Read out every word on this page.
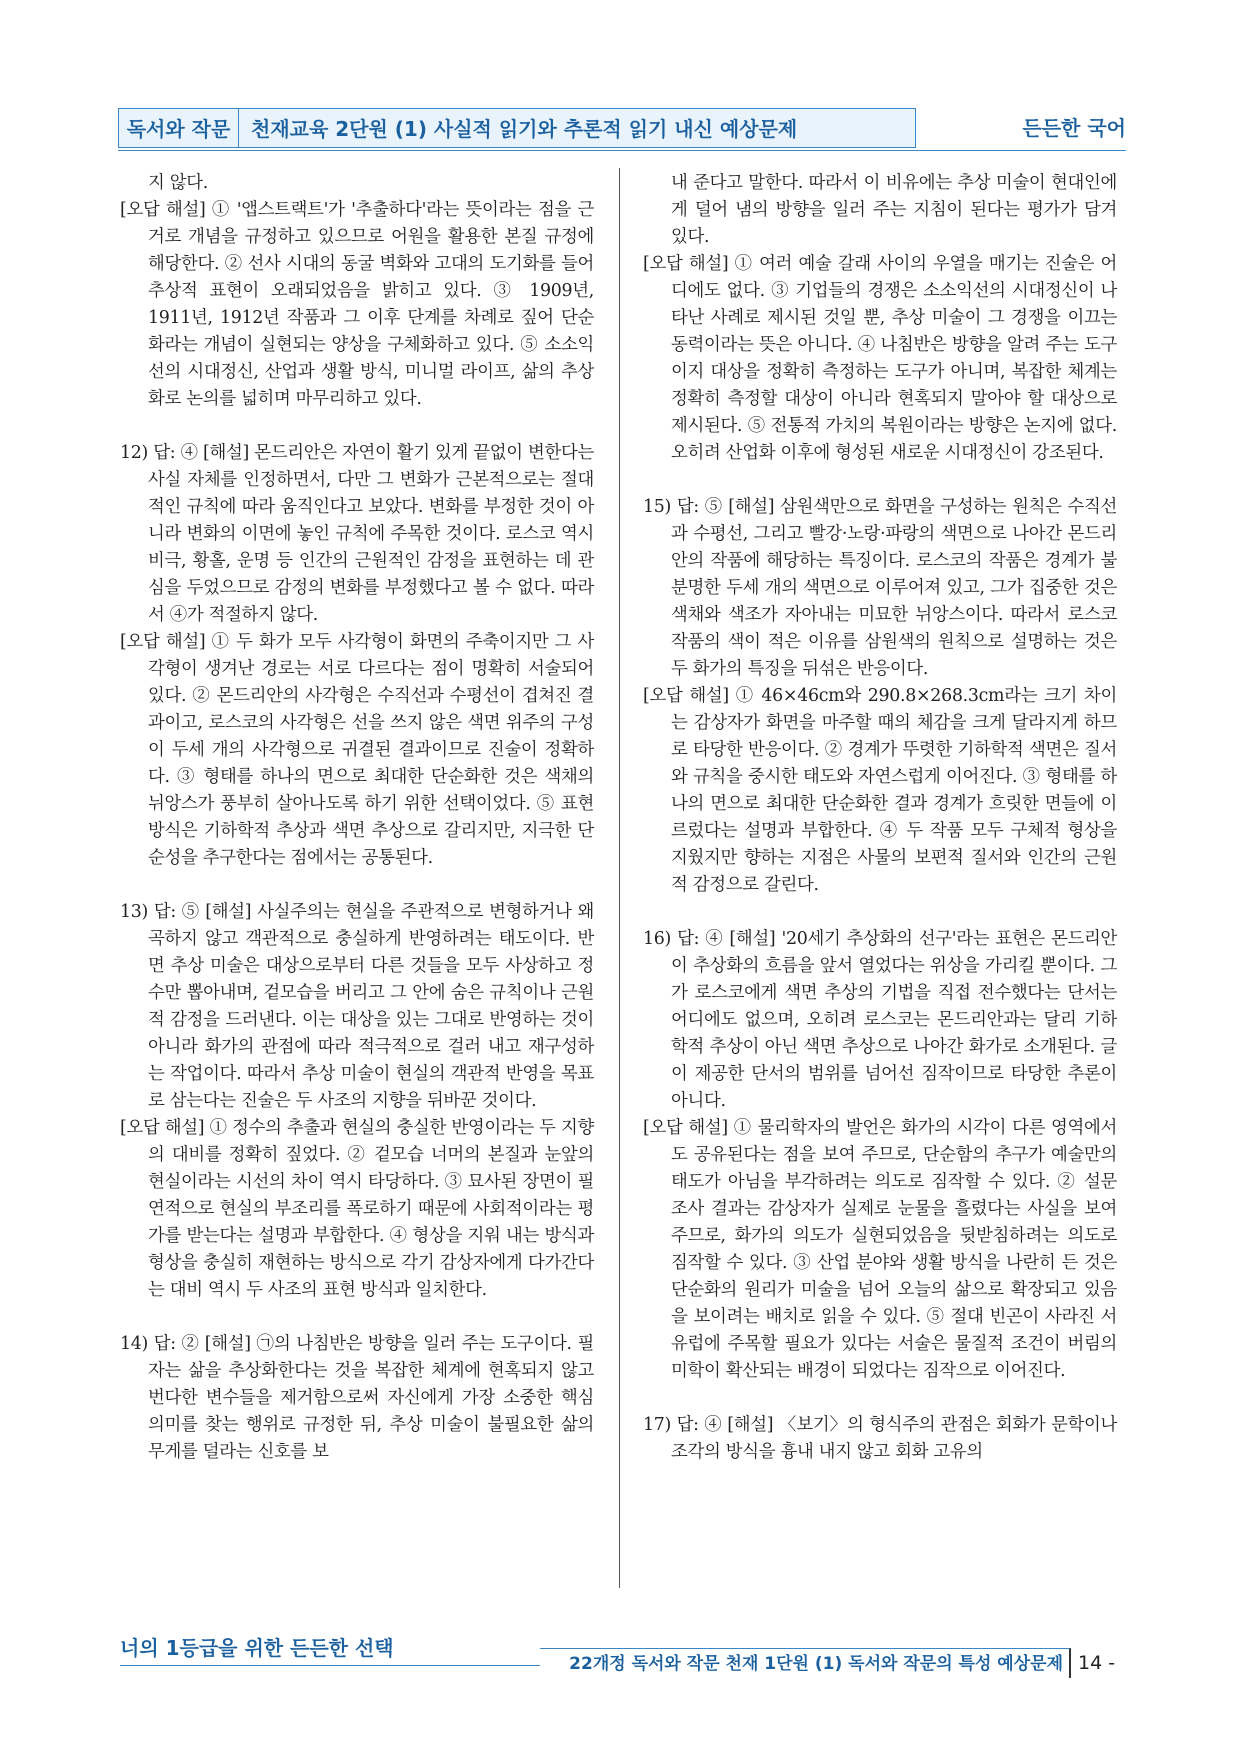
독서와 작문	천재교육 2단원 (1) 사실적 읽기와 추론적 읽기 내신 예상문제	든든한 국어

지 않다.

[오답 해설] ① '앱스트랙트'가 '추출하다'라는 뜻이라는 점을 근거로 개념을 규정하고 있으므로 어원을 활용한 본질 규정에 해당한다. ② 선사 시대의 동굴 벽화와 고대의 도기화를 들어 추상적 표현이 오래되었음을 밝히고 있다. ③ 1909년, 1911년, 1912년 작품과 그 이후 단계를 차례로 짚어 단순화라는 개념이 실현되는 양상을 구체화하고 있다. ⑤ 소소익선의 시대정신, 산업과 생활 방식, 미니멀 라이프, 삶의 추상화로 논의를 넓히며 마무리하고 있다.

12) 답: ④ [해설] 몬드리안은 자연이 활기 있게 끝없이 변한다는 사실 자체를 인정하면서, 다만 그 변화가 근본적으로는 절대적인 규칙에 따라 움직인다고 보았다. 변화를 부정한 것이 아니라 변화의 이면에 놓인 규칙에 주목한 것이다. 로스코 역시 비극, 황홀, 운명 등 인간의 근원적인 감정을 표현하는 데 관심을 두었으므로 감정의 변화를 부정했다고 볼 수 없다. 따라서 ④가 적절하지 않다.

[오답 해설] ① 두 화가 모두 사각형이 화면의 주축이지만 그 사각형이 생겨난 경로는 서로 다르다는 점이 명확히 서술되어 있다. ② 몬드리안의 사각형은 수직선과 수평선이 겹쳐진 결과이고, 로스코의 사각형은 선을 쓰지 않은 색면 위주의 구성이 두세 개의 사각형으로 귀결된 결과이므로 진술이 정확하다. ③ 형태를 하나의 면으로 최대한 단순화한 것은 색채의 뉘앙스가 풍부히 살아나도록 하기 위한 선택이었다. ⑤ 표현 방식은 기하학적 추상과 색면 추상으로 갈리지만, 지극한 단순성을 추구한다는 점에서는 공통된다.

13) 답: ⑤ [해설] 사실주의는 현실을 주관적으로 변형하거나 왜곡하지 않고 객관적으로 충실하게 반영하려는 태도이다. 반면 추상 미술은 대상으로부터 다른 것들을 모두 사상하고 정수만 뽑아내며, 겉모습을 버리고 그 안에 숨은 규칙이나 근원적 감정을 드러낸다. 이는 대상을 있는 그대로 반영하는 것이 아니라 화가의 관점에 따라 적극적으로 걸러 내고 재구성하는 작업이다. 따라서 추상 미술이 현실의 객관적 반영을 목표로 삼는다는 진술은 두 사조의 지향을 뒤바꾼 것이다.

[오답 해설] ① 정수의 추출과 현실의 충실한 반영이라는 두 지향의 대비를 정확히 짚었다. ② 겉모습 너머의 본질과 눈앞의 현실이라는 시선의 차이 역시 타당하다. ③ 묘사된 장면이 필연적으로 현실의 부조리를 폭로하기 때문에 사회적이라는 평가를 받는다는 설명과 부합한다. ④ 형상을 지워 내는 방식과 형상을 충실히 재현하는 방식으로 각기 감상자에게 다가간다는 대비 역시 두 사조의 표현 방식과 일치한다.

14) 답: ② [해설] ㉠의 나침반은 방향을 일러 주는 도구이다. 필자는 삶을 추상화한다는 것을 복잡한 체계에 현혹되지 않고 번다한 변수들을 제거함으로써 자신에게 가장 소중한 핵심 의미를 찾는 행위로 규정한 뒤, 추상 미술이 불필요한 삶의 무게를 덜라는 신호를 보

내 준다고 말한다. 따라서 이 비유에는 추상 미술이 현대인에게 덜어 냄의 방향을 일러 주는 지침이 된다는 평가가 담겨 있다.

[오답 해설] ① 여러 예술 갈래 사이의 우열을 매기는 진술은 어디에도 없다. ③ 기업들의 경쟁은 소소익선의 시대정신이 나타난 사례로 제시된 것일 뿐, 추상 미술이 그 경쟁을 이끄는 동력이라는 뜻은 아니다. ④ 나침반은 방향을 알려 주는 도구이지 대상을 정확히 측정하는 도구가 아니며, 복잡한 체계는 정확히 측정할 대상이 아니라 현혹되지 말아야 할 대상으로 제시된다. ⑤ 전통적 가치의 복원이라는 방향은 논지에 없다. 오히려 산업화 이후에 형성된 새로운 시대정신이 강조된다.

15) 답: ⑤ [해설] 삼원색만으로 화면을 구성하는 원칙은 수직선과 수평선, 그리고 빨강·노랑·파랑의 색면으로 나아간 몬드리안의 작품에 해당하는 특징이다. 로스코의 작품은 경계가 불분명한 두세 개의 색면으로 이루어져 있고, 그가 집중한 것은 색채와 색조가 자아내는 미묘한 뉘앙스이다. 따라서 로스코 작품의 색이 적은 이유를 삼원색의 원칙으로 설명하는 것은 두 화가의 특징을 뒤섞은 반응이다.

[오답 해설] ① 46×46cm와 290.8×268.3cm라는 크기 차이는 감상자가 화면을 마주할 때의 체감을 크게 달라지게 하므로 타당한 반응이다. ② 경계가 뚜렷한 기하학적 색면은 질서와 규칙을 중시한 태도와 자연스럽게 이어진다. ③ 형태를 하나의 면으로 최대한 단순화한 결과 경계가 흐릿한 면들에 이르렀다는 설명과 부합한다. ④ 두 작품 모두 구체적 형상을 지웠지만 향하는 지점은 사물의 보편적 질서와 인간의 근원적 감정으로 갈린다.

16) 답: ④ [해설] '20세기 추상화의 선구'라는 표현은 몬드리안이 추상화의 흐름을 앞서 열었다는 위상을 가리킬 뿐이다. 그가 로스코에게 색면 추상의 기법을 직접 전수했다는 단서는 어디에도 없으며, 오히려 로스코는 몬드리안과는 달리 기하학적 추상이 아닌 색면 추상으로 나아간 화가로 소개된다. 글이 제공한 단서의 범위를 넘어선 짐작이므로 타당한 추론이 아니다.

[오답 해설] ① 물리학자의 발언은 화가의 시각이 다른 영역에서도 공유된다는 점을 보여 주므로, 단순함의 추구가 예술만의 태도가 아님을 부각하려는 의도로 짐작할 수 있다. ② 설문 조사 결과는 감상자가 실제로 눈물을 흘렸다는 사실을 보여 주므로, 화가의 의도가 실현되었음을 뒷받침하려는 의도로 짐작할 수 있다. ③ 산업 분야와 생활 방식을 나란히 든 것은 단순화의 원리가 미술을 넘어 오늘의 삶으로 확장되고 있음을 보이려는 배치로 읽을 수 있다. ⑤ 절대 빈곤이 사라진 서유럽에 주목할 필요가 있다는 서술은 물질적 조건이 버림의 미학이 확산되는 배경이 되었다는 짐작으로 이어진다.

17) 답: ④ [해설] 〈보기〉의 형식주의 관점은 회화가 문학이나 조각의 방식을 흉내 내지 않고 회화 고유의

너의 1등급을 위한 든든한 선택
22개정 독서와 작문 천재 1단원 (1) 독서와 작문의 특성 예상문제 14 -
